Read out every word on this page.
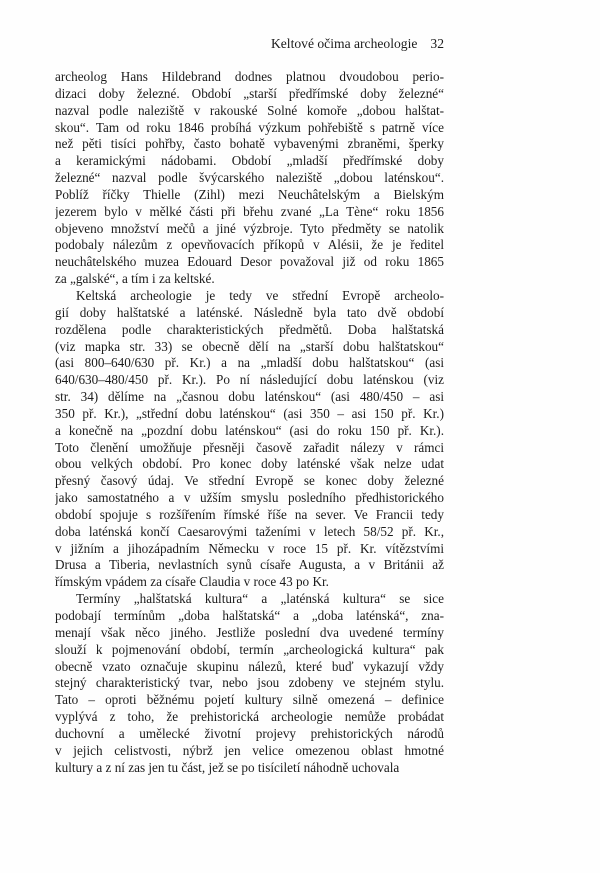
Keltové očima archeologie 32
archeolog Hans Hildebrand dodnes platnou dvoudobou perio-
dizaci doby železné. Období „starší předřímské doby železné“
nazval podle naleziště v rakouské Solné komoře „dobou halštat-
skou“. Tam od roku 1846 probíhá výzkum pohřebiště s patrně více
než pěti tisíci pohřby, často bohatě vybavenými zbraněmi, šperky
a keramickými nádobami. Období „mladší předřímské doby
železné“ nazval podle švýcarského naleziště „dobou laténskou“.
Poblíž říčky Thielle (Zihl) mezi Neuchâtelským a Bielským
jezerem bylo v mělké části při břehu zvané „La Tène“ roku 1856
objeveno množství mečů a jiné výzbroje. Tyto předměty se natolik
podobaly nálezům z opevňovacích příkopů v Alésii, že je ředitel
neuchâtelského muzea Edouard Desor považoval již od roku 1865
za „galské“, a tím i za keltské.
Keltská archeologie je tedy ve střední Evropě archeolo-
gií doby halštatské a laténské. Následně byla tato dvě období
rozdělena podle charakteristických předmětů. Doba halštatská
(viz mapka str. 33) se obecně dělí na „starší dobu halštatskou“
(asi 800–640/630 př. Kr.) a na „mladší dobu halštatskou“ (asi
640/630–480/450 př. Kr.). Po ní následující dobu laténskou (viz
str. 34) dělíme na „časnou dobu laténskou“ (asi 480/450 – asi
350 př. Kr.), „střední dobu laténskou“ (asi 350 – asi 150 př. Kr.)
a konečně na „pozdní dobu laténskou“ (asi do roku 150 př. Kr.).
Toto členění umožňuje přesněji časově zařadit nálezy v rámci
obou velkých období. Pro konec doby laténské však nelze udat
přesný časový údaj. Ve střední Evropě se konec doby železné
jako samostatného a v užším smyslu posledního předhistorického
období spojuje s rozšířením římské říše na sever. Ve Francii tedy
doba laténská končí Caesarovými taženími v letech 58/52 př. Kr.,
v jižním a jihozápadním Německu v roce 15 př. Kr. vítězstvími
Drusa a Tiberia, nevlastních synů císaře Augusta, a v Británii až
římským vpádem za císaře Claudia v roce 43 po Kr.
Termíny „halštatská kultura“ a „laténská kultura“ se sice
podobají termínům „doba halštatská“ a „doba laténská“, zna-
menají však něco jiného. Jestliže poslední dva uvedené termíny
slouží k pojmenování období, termín „archeologická kultura“ pak
obecně vzato označuje skupinu nálezů, které buď vykazují vždy
stejný charakteristický tvar, nebo jsou zdobeny ve stejném stylu.
Tato – oproti běžnému pojetí kultury silně omezená – definice
vyplývá z toho, že prehistorická archeologie nemůže probádat
duchovní a umělecké životní projevy prehistorických národů
v jejich celistvosti, nýbrž jen velice omezenou oblast hmotné
kultury a z ní zas jen tu část, jež se po tisíciletí náhodně uchovala
